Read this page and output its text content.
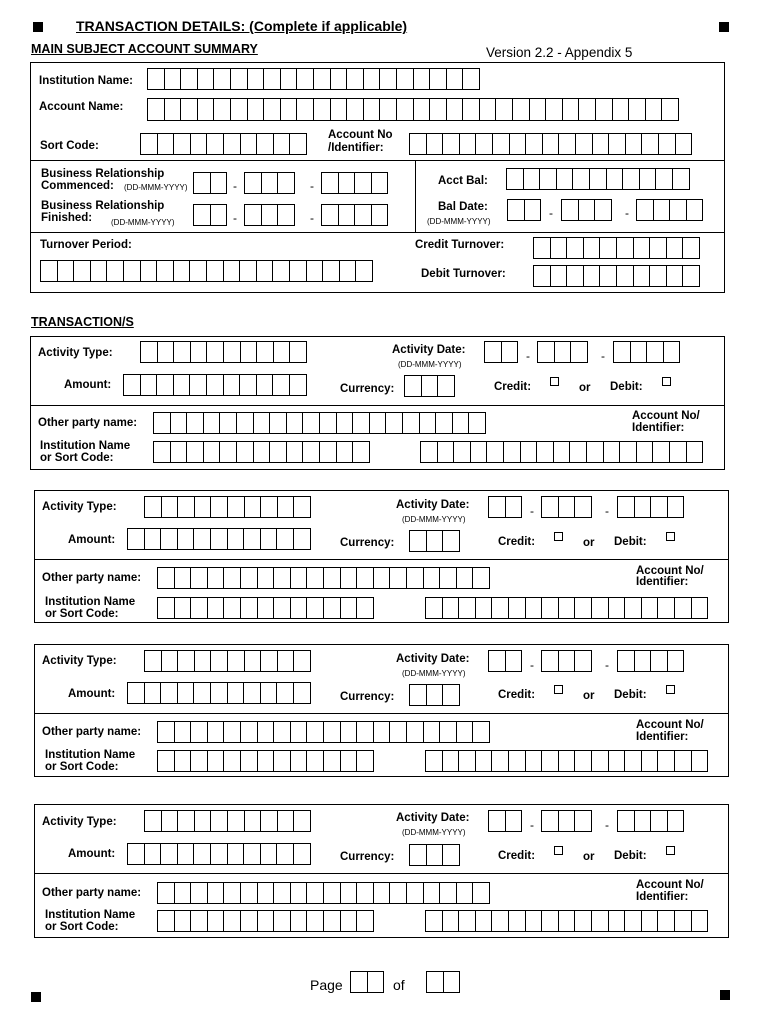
TRANSACTION DETAILS: (Complete if applicable)
MAIN SUBJECT ACCOUNT SUMMARY	Version 2.2 - Appendix 5
Institution Name:
Account Name:
Sort Code:
Account No
/Identifier:
Business Relationship
Commenced: (DD-MMM-YYYY)	-	-
Business Relationship
Finished: (DD-MMM-YYYY)	-	-
Acct Bal:
Bal Date:
(DD-MMM-YYYY)
-	-
Turnover Period:	Credit Turnover:
Debit Turnover:
TRANSACTION/S
Activity Type:	Activity Date:
(DD-MMM-YYYY)
-	-
Amount:	Currency:	Credit:	or Debit:
Other party name:
Account No/
Identifier:
Institution Name
or Sort Code:
Activity Type:	Activity Date:
(DD-MMM-YYYY)
-	-
Amount:	Currency:	Credit:	or Debit:
Other party name:
Account No/
Identifier:
Institution Name
or Sort Code:
Activity Type:	Activity Date:
(DD-MMM-YYYY)
-	-
Amount:	Currency:	Credit:	or Debit:
Other party name:
Account No/
Identifier:
Institution Name
or Sort Code:
Activity Type:	Activity Date:
(DD-MMM-YYYY)
-	-
Amount:	Currency:	Credit:	or Debit:
Other party name:
Account No/
Identifier:
Institution Name
or Sort Code:
Page	of
